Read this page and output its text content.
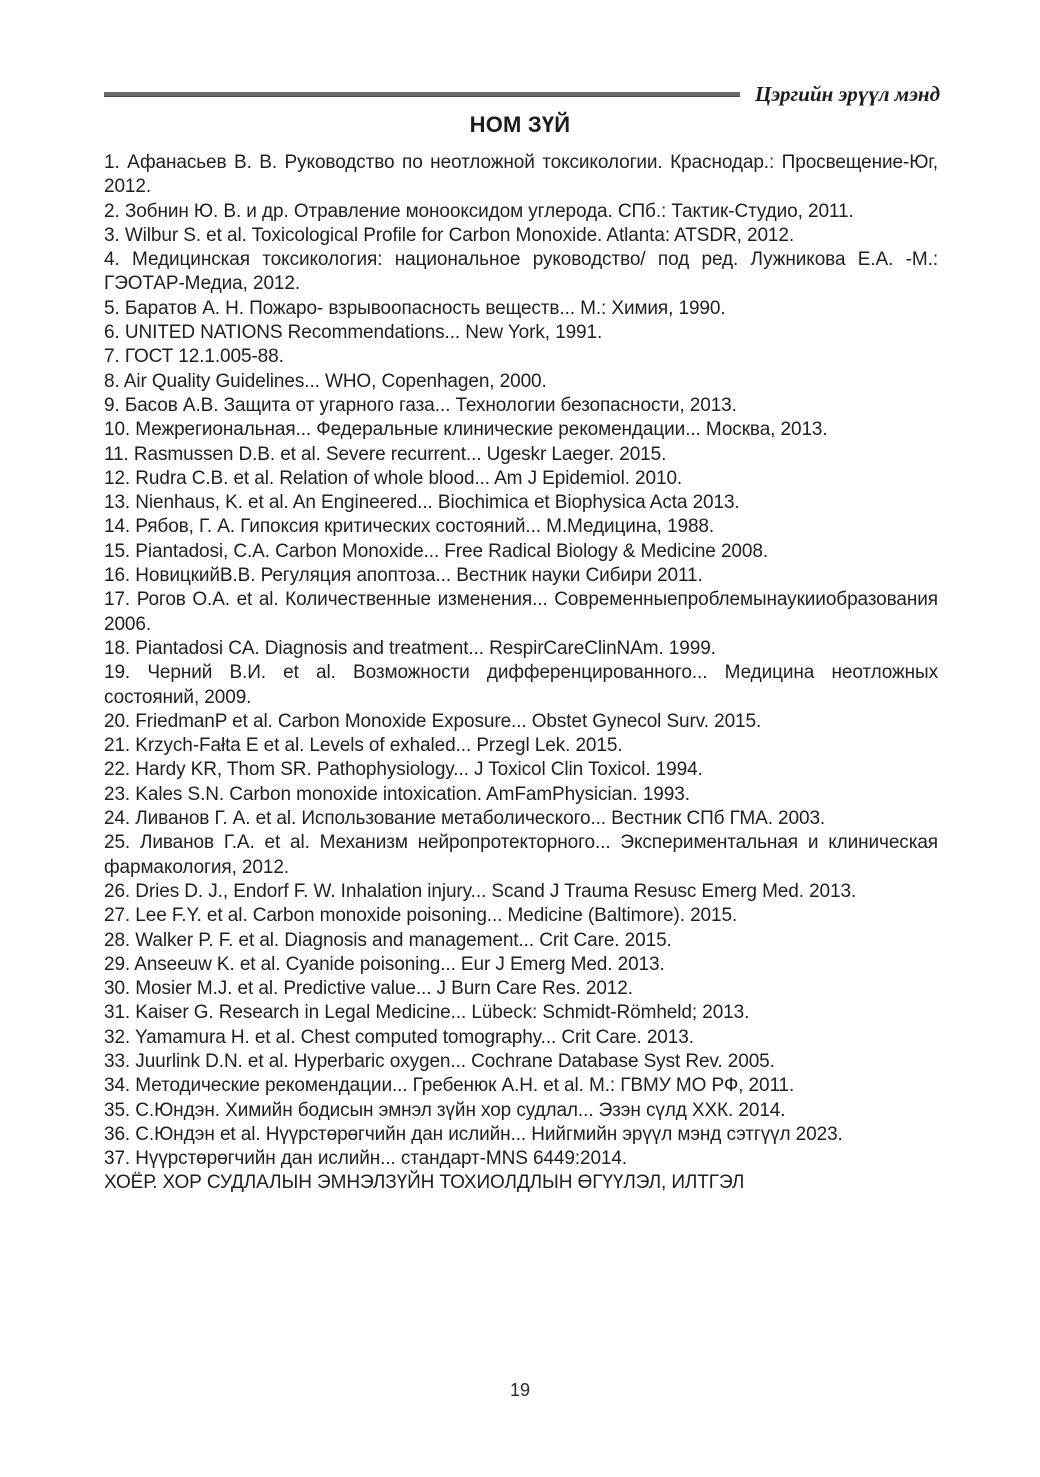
Цэргийн эрүүл мэнд
НОМ ЗҮЙ

1. Афанасьев В. В. Руководство по неотложной токсикологии. Краснодар.: Просвещение-Юг, 2012.

2. Зобнин Ю. В. и др. Отравление монооксидом углерода. СПб.: Тактик-Студио, 2011.

3. Wilbur S. et al. Toxicological Profile for Carbon Monoxide. Atlanta: ATSDR, 2012.

4. Медицинская токсикология: национальное руководство/ под ред. Лужникова Е.А. -М.: ГЭОТАР-Медиа, 2012.

5. Баратов А. Н. Пожаро- взрывоопасность веществ... М.: Химия, 1990.

6. UNITED NATIONS Recommendations... New York, 1991.

7. ГОСТ 12.1.005-88.

8. Air Quality Guidelines... WHO, Copenhagen, 2000.

9. Басов А.В. Защита от угарного газа... Технологии безопасности, 2013.

10. Межрегиональная... Федеральные клинические рекомендации... Москва, 2013.

11. Rasmussen D.B. et al. Severe recurrent... Ugeskr Laeger. 2015.

12. Rudra C.B. et al. Relation of whole blood... Am J Epidemiol. 2010.

13. Nienhaus, K. et al. An Engineered... Biochimica et Biophysica Acta 2013.

14. Рябов, Г. А. Гипоксия критических состояний... М.Медицина, 1988.

15. Piantadosi, C.A. Carbon Monoxide... Free Radical Biology & Medicine 2008.

16. НовицкийВ.В. Регуляция апоптоза... Вестник науки Сибири 2011.

17. Рогов О.А. et al. Количественные изменения... Современныепроблемынаукииобразования 2006.

18. Piantadosi CA. Diagnosis and treatment... RespirCareClinNAm. 1999.

19. Черний В.И. et al. Возможности дифференцированного... Медицина неотложных состояний, 2009.

20. FriedmanP et al. Carbon Monoxide Exposure... Obstet Gynecol Surv. 2015.

21. Krzych-Fałta E et al. Levels of exhaled... Przegl Lek. 2015.

22. Hardy KR, Thom SR. Pathophysiology... J Toxicol Clin Toxicol. 1994.

23. Kales S.N. Carbon monoxide intoxication. AmFamPhysician. 1993.

24. Ливанов Г. А. et al. Использование метаболического... Вестник СПб ГМА. 2003.

25. Ливанов Г.А. et al. Механизм нейропротекторного... Экспериментальная и клиническая фармакология, 2012.

26. Dries D. J., Endorf F. W. Inhalation injury... Scand J Trauma Resusc Emerg Med. 2013.

27. Lee F.Y. et al. Carbon monoxide poisoning... Medicine (Baltimore). 2015.

28. Walker P. F. et al. Diagnosis and management... Crit Care. 2015.

29. Anseeuw K. et al. Cyanide poisoning... Eur J Emerg Med. 2013.

30. Mosier M.J. et al. Predictive value... J Burn Care Res. 2012.

31. Kaiser G. Research in Legal Medicine... Lübeck: Schmidt-Römheld; 2013.

32. Yamamura H. et al. Chest computed tomography... Crit Care. 2013.

33. Juurlink D.N. et al. Hyperbaric oxygen... Cochrane Database Syst Rev. 2005.

34. Методические рекомендации... Гребенюк А.Н. et al. М.: ГВМУ МО РФ, 2011.

35. С.Юндэн. Химийн бодисын эмнэл зүйн хор судлал... Эзэн сүлд ХХК. 2014.

36. С.Юндэн et al. Нүүрстөрөгчийн дан ислийн... Нийгмийн эрүүл мэнд сэтгүүл 2023.

37. Нүүрстөрөгчийн дан ислийн... стандарт-MNS 6449:2014.

ХОЁР. ХОР СУДЛАЛЫН ЭМНЭЛЗҮЙН ТОХИОЛДЛЫН ӨГҮҮЛЭЛ, ИЛТГЭЛ

19
